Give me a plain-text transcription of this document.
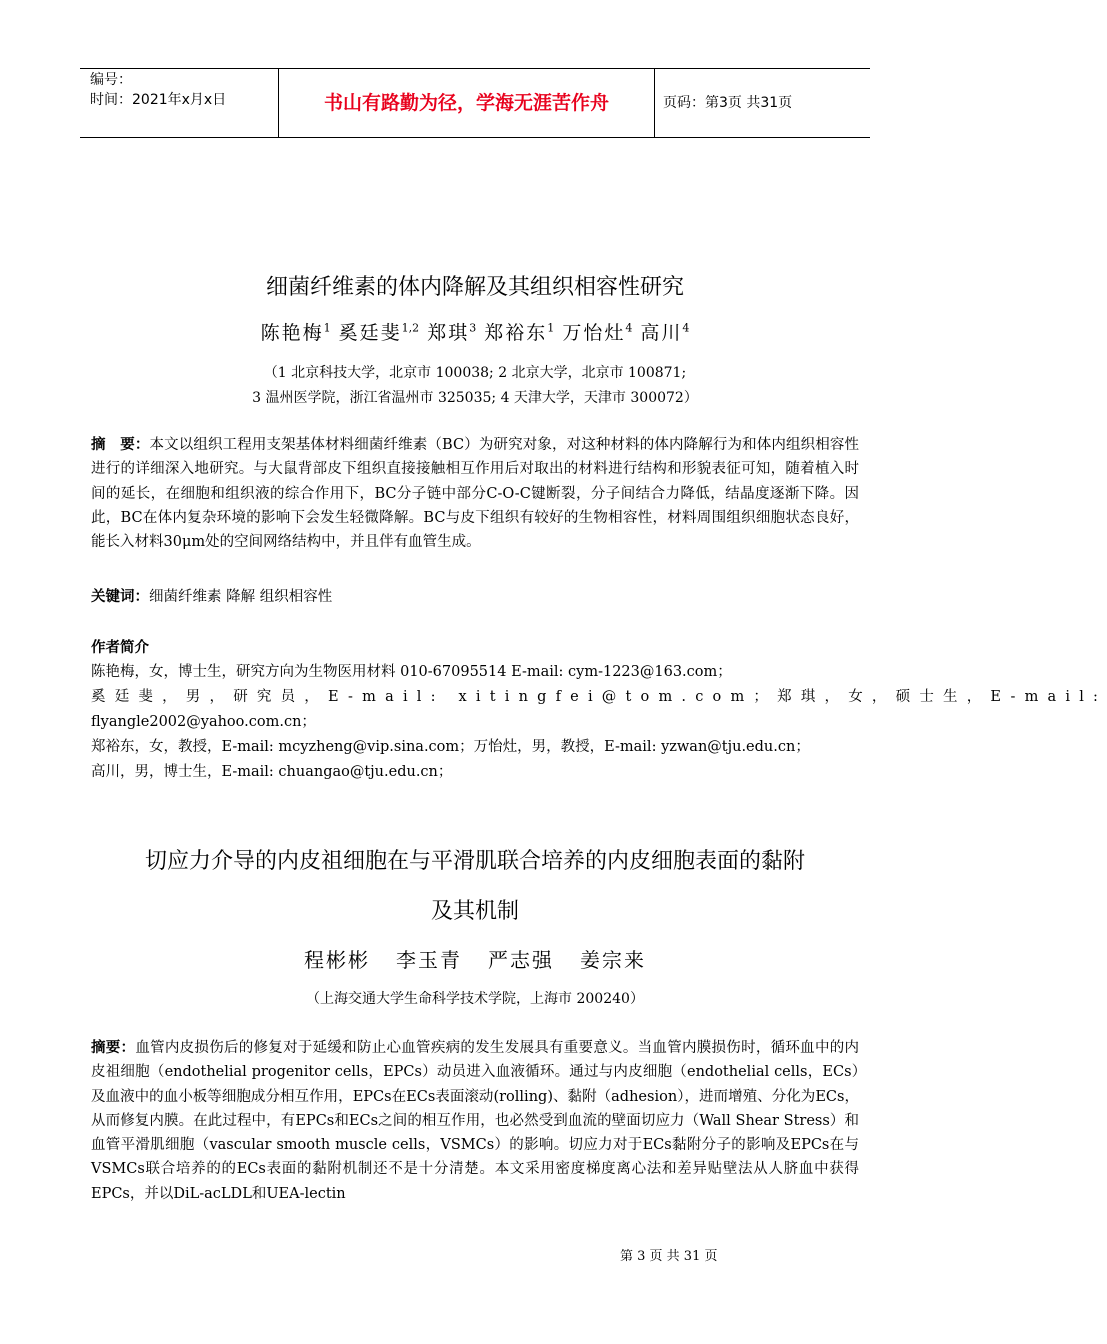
编号：
时间：2021年x月x日	书山有路勤为径，学海无涯苦作舟	页码：第3页 共31页
细菌纤维素的体内降解及其组织相容性研究
陈艳梅$^1$ 奚廷斐$^{1,2}$ 郑琪$^3$ 郑裕东$^1$ 万怡灶$^4$ 高川$^4$
（1 北京科技大学，北京市 100038; 2 北京大学，北京市 100871;
3 温州医学院，浙江省温州市 325035; 4 天津大学，天津市 300072）
摘　要：本文以组织工程用支架基体材料细菌纤维素（BC）为研究对象，对这种材料的体内降解行为和体内组织相容性进行的详细深入地研究。与大鼠背部皮下组织直接接触相互作用后对取出的材料进行结构和形貌表征可知，随着植入时间的延长，在细胞和组织液的综合作用下，BC分子链中部分C-O-C键断裂，分子间结合力降低，结晶度逐渐下降。因此，BC在体内复杂环境的影响下会发生轻微降解。BC与皮下组织有较好的生物相容性，材料周围组织细胞状态良好，能长入材料30μm处的空间网络结构中，并且伴有血管生成。
关键词：细菌纤维素 降解 组织相容性
作者简介
陈艳梅，女，博士生，研究方向为生物医用材料 010-67095514 E-mail: cym-1223@163.com；
奚廷斐，男，研究员，E-mail: xitingfei@tom.com；郑琪，女，硕士生，E-mail:
flyangle2002@yahoo.com.cn；
郑裕东，女，教授，E-mail: mcyzheng@vip.sina.com；万怡灶，男，教授，E-mail: yzwan@tju.edu.cn；
高川，男，博士生，E-mail: chuangao@tju.edu.cn；
切应力介导的内皮祖细胞在与平滑肌联合培养的内皮细胞表面的黏附
及其机制
程彬彬 李玉青 严志强 姜宗来
（上海交通大学生命科学技术学院，上海市 200240）
摘要：血管内皮损伤后的修复对于延缓和防止心血管疾病的发生发展具有重要意义。当血管内膜损伤时，循环血中的内皮祖细胞（endothelial progenitor cells，EPCs）动员进入血液循环。通过与内皮细胞（endothelial cells，ECs）及血液中的血小板等细胞成分相互作用，EPCs在ECs表面滚动(rolling)、黏附（adhesion），进而增殖、分化为ECs， 从而修复内膜。在此过程中，有EPCs和ECs之间的相互作用，也必然受到血流的壁面切应力（Wall Shear Stress）和血管平滑肌细胞（vascular smooth muscle cells，VSMCs）的影响。切应力对于ECs黏附分子的影响及EPCs在与VSMCs联合培养的的ECs表面的黏附机制还不是十分清楚。本文采用密度梯度离心法和差异贴壁法从人脐血中获得EPCs，并以DiL-acLDL和UEA-lectin
第 3 页 共 31 页
